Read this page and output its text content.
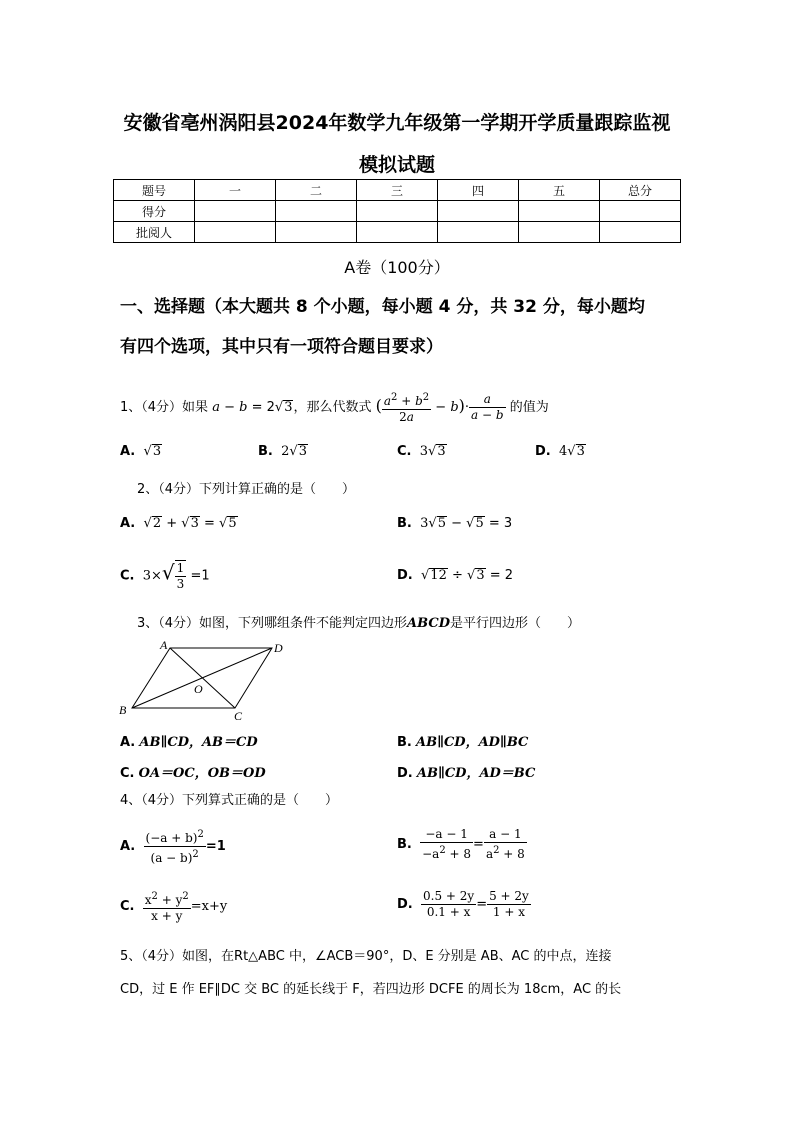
安徽省亳州涡阳县2024年数学九年级第一学期开学质量跟踪监视
模拟试题
题号	一	二	三	四	五	总分
得分						
批阅人						
A卷（100分）
一、选择题（本大题共 8 个小题，每小题 4 分，共 32 分，每小题均
有四个选项，其中只有一项符合题目要求）
1、（4分）如果 a − b = 2√3，那么代数式 ( $\frac{a^2 + b^2}{2a} - b)\cdot \frac{a}{a - b}$ 的值为
A. √3	B. 2√3	C. 3√3	D. 4√3
2、（4分）下列计算正确的是（　　）
A. √2 + √3 = √5	B. 3√5 − √5 = 3
C. $3\times√ \frac{1}{3} =1$	D. √12 ÷ √3 = 2
3、（4分）如图，下列哪组条件不能判定四边形ABCD是平行四边形（　　）
A	D
B	C
O
A. AB∥CD，AB＝CD	B. AB∥CD，AD∥BC
C. OA＝OC，OB＝OD	D. AB∥CD，AD＝BC
4、（4分）下列算式正确的是（　　）
A. $\frac{(-a + b)^2}{(a - b)^2} =1$	B. $\frac{-a - 1}{-a^2 + 8} = \frac{a - 1}{a^2 + 8}$
C. $\frac{x^2 + y^2}{x + y} =x+y$	D. $\frac{0.5 + 2y}{0.1 + x} = \frac{5 + 2y}{1 + x}$
5、（4分）如图，在Rt△ABC 中，∠ACB＝90°，D、E 分别是 AB、AC 的中点，连接
CD，过 E 作 EF∥DC 交 BC 的延长线于 F，若四边形 DCFE 的周长为 18cm，AC 的长
